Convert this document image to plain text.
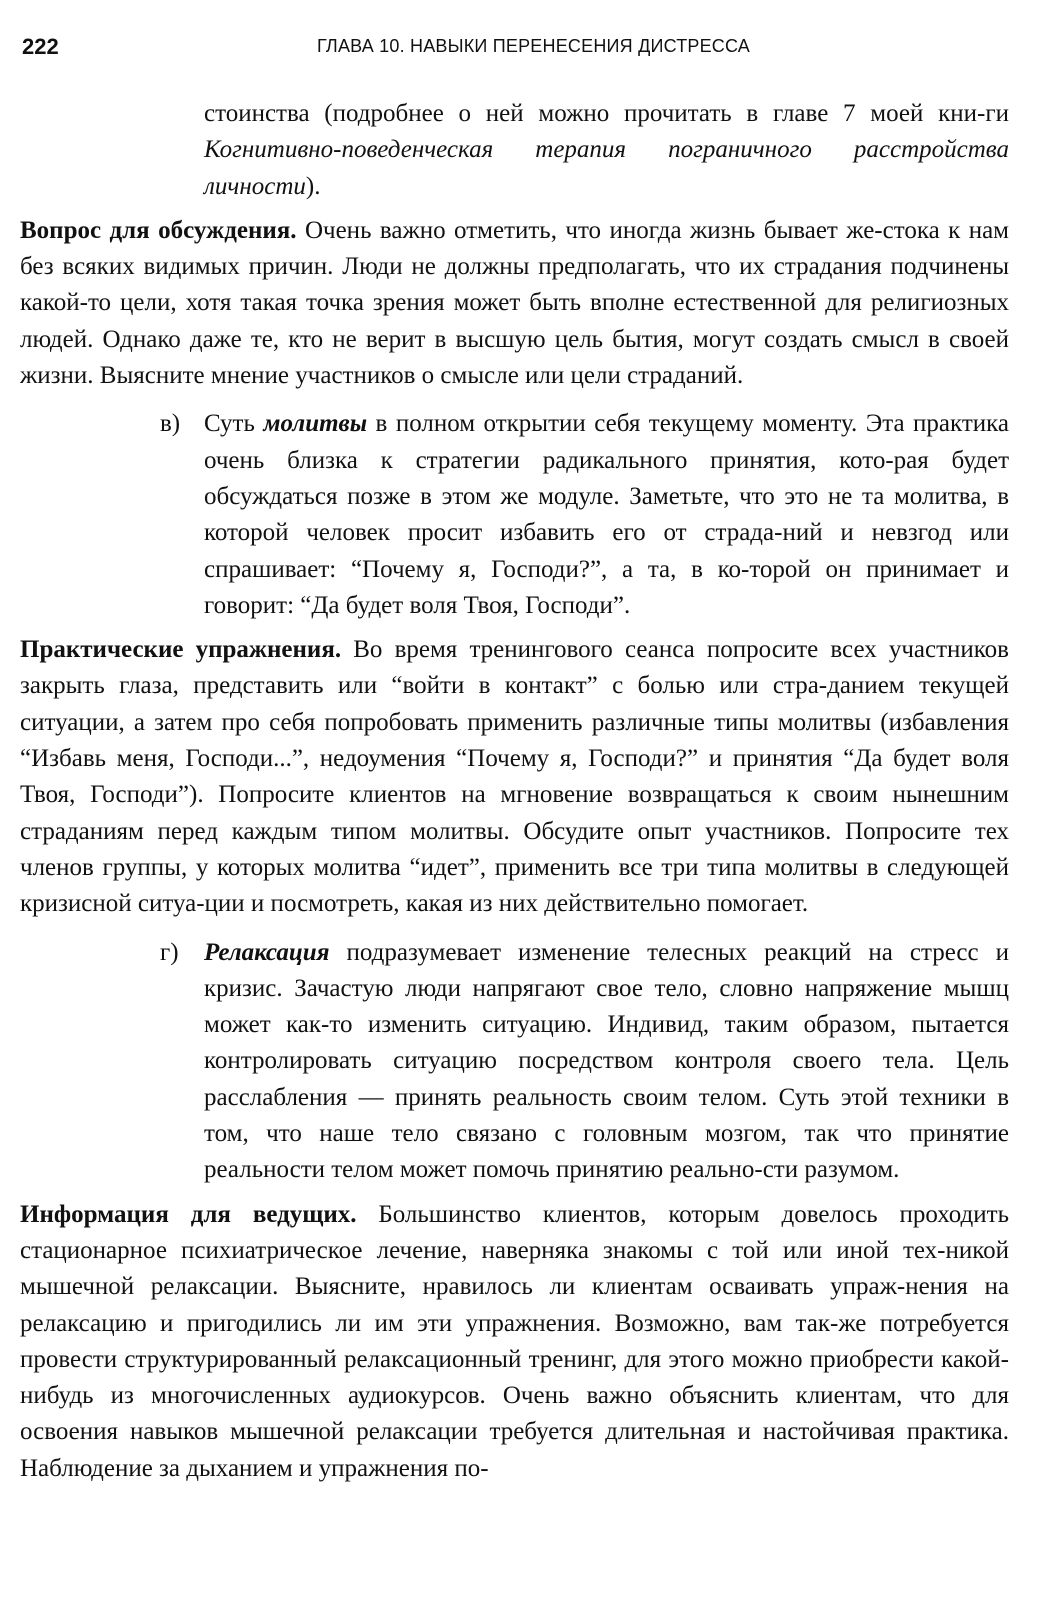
222	ГЛАВА 10. НАВЫКИ ПЕРЕНЕСЕНИЯ ДИСТРЕССА

стоинства (подробнее о ней можно прочитать в главе 7 моей кни-ги Когнитивно-поведенческая терапия пограничного расстройства личности).

Вопрос для обсуждения. Очень важно отметить, что иногда жизнь бывает же-стока к нам без всяких видимых причин. Люди не должны предполагать, что их страдания подчинены какой-то цели, хотя такая точка зрения может быть вполне естественной для религиозных людей. Однако даже те, кто не верит в высшую цель бытия, могут создать смысл в своей жизни. Выясните мнение участников о смысле или цели страданий.

в) Суть молитвы в полном открытии себя текущему моменту. Эта практика очень близка к стратегии радикального принятия, кото-рая будет обсуждаться позже в этом же модуле. Заметьте, что это не та молитва, в которой человек просит избавить его от страда-ний и невзгод или спрашивает: “Почему я, Господи?”, а та, в ко-торой он принимает и говорит: “Да будет воля Твоя, Господи”.

Практические упражнения. Во время тренингового сеанса попросите всех участников закрыть глаза, представить или “войти в контакт” с болью или стра-данием текущей ситуации, а затем про себя попробовать применить различные типы молитвы (избавления “Избавь меня, Господи...”, недоумения “Почему я, Господи?” и принятия “Да будет воля Твоя, Господи”). Попросите клиентов на мгновение возвращаться к своим нынешним страданиям перед каждым типом молитвы. Обсудите опыт участников. Попросите тех членов группы, у которых молитва “идет”, применить все три типа молитвы в следующей кризисной ситуа-ции и посмотреть, какая из них действительно помогает.

г) Релаксация подразумевает изменение телесных реакций на стресс и кризис. Зачастую люди напрягают свое тело, словно напряжение мышц может как-то изменить ситуацию. Индивид, таким образом, пытается контролировать ситуацию посредством контроля своего тела. Цель расслабления — принять реальность своим телом. Суть этой техники в том, что наше тело связано с головным мозгом, так что принятие реальности телом может помочь принятию реально-сти разумом.

Информация для ведущих. Большинство клиентов, которым довелось проходить стационарное психиатрическое лечение, наверняка знакомы с той или иной тех-никой мышечной релаксации. Выясните, нравилось ли клиентам осваивать упраж-нения на релаксацию и пригодились ли им эти упражнения. Возможно, вам так-же потребуется провести структурированный релаксационный тренинг, для этого можно приобрести какой-нибудь из многочисленных аудиокурсов. Очень важно объяснить клиентам, что для освоения навыков мышечной релаксации требуется длительная и настойчивая практика. Наблюдение за дыханием и упражнения по-
